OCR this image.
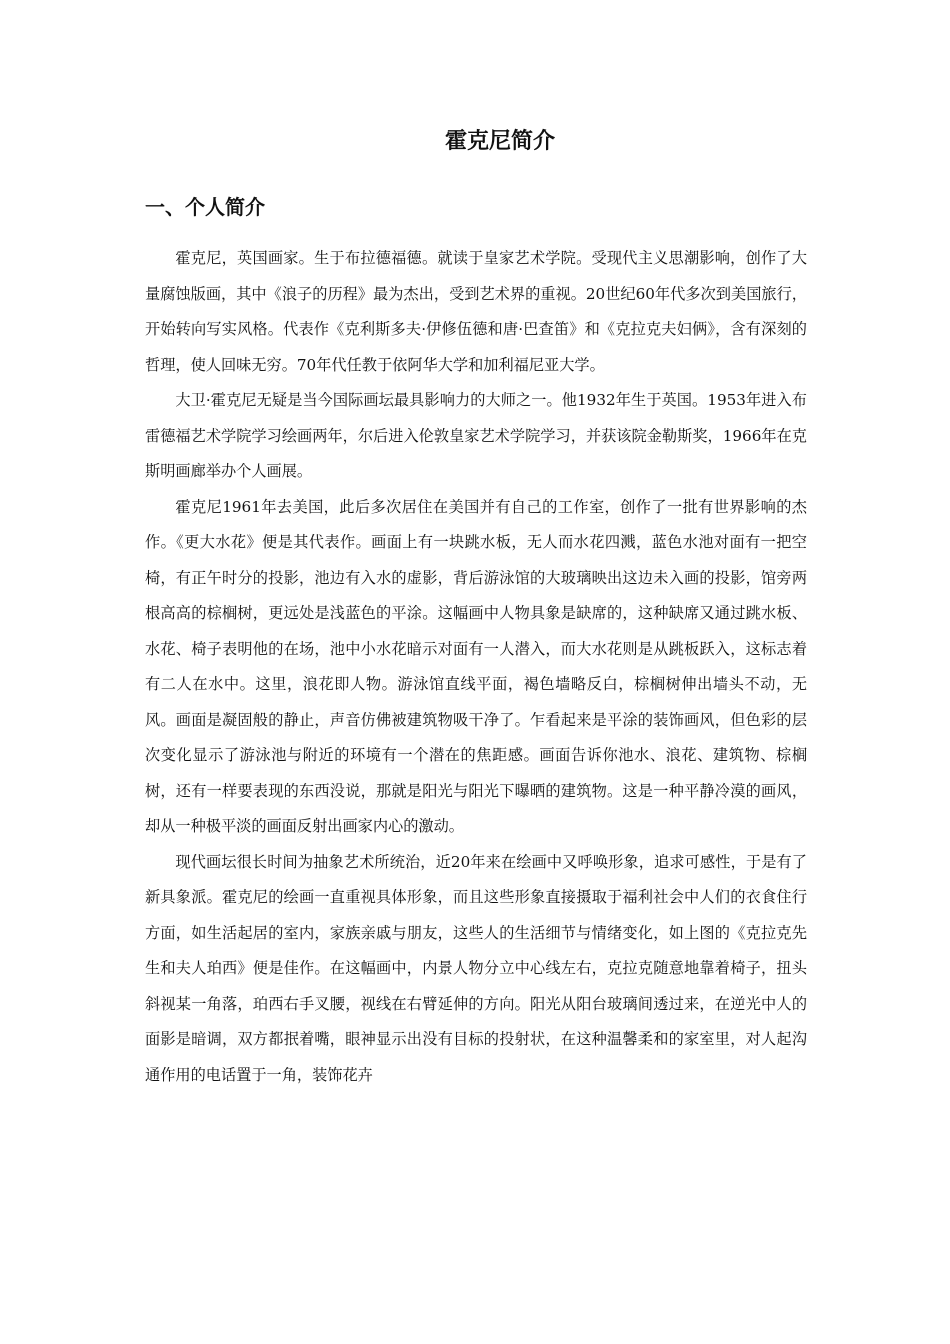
霍克尼简介
一、个人简介

霍克尼，英国画家。生于布拉德福德。就读于皇家艺术学院。受现代主义思潮影响，创作了大量腐蚀版画，其中《浪子的历程》最为杰出，受到艺术界的重视。20世纪60年代多次到美国旅行，开始转向写实风格。代表作《克利斯多夫·伊修伍德和唐·巴查笛》和《克拉克夫妇俩》，含有深刻的哲理，使人回味无穷。70年代任教于依阿华大学和加利福尼亚大学。

大卫·霍克尼无疑是当今国际画坛最具影响力的大师之一。他1932年生于英国。1953年进入布雷德福艺术学院学习绘画两年，尔后进入伦敦皇家艺术学院学习，并获该院金勒斯奖，1966年在克斯明画廊举办个人画展。

霍克尼1961年去美国，此后多次居住在美国并有自己的工作室，创作了一批有世界影响的杰作。《更大水花》便是其代表作。画面上有一块跳水板，无人而水花四溅，蓝色水池对面有一把空椅，有正午时分的投影，池边有入水的虚影，背后游泳馆的大玻璃映出这边未入画的投影，馆旁两根高高的棕榈树，更远处是浅蓝色的平涂。这幅画中人物具象是缺席的，这种缺席又通过跳水板、水花、椅子表明他的在场，池中小水花暗示对面有一人潜入，而大水花则是从跳板跃入，这标志着有二人在水中。这里，浪花即人物。游泳馆直线平面，褐色墙略反白，棕榈树伸出墙头不动，无风。画面是凝固般的静止，声音仿佛被建筑物吸干净了。乍看起来是平涂的装饰画风，但色彩的层次变化显示了游泳池与附近的环境有一个潜在的焦距感。画面告诉你池水、浪花、建筑物、棕榈树，还有一样要表现的东西没说，那就是阳光与阳光下曝晒的建筑物。这是一种平静冷漠的画风，却从一种极平淡的画面反射出画家内心的激动。

现代画坛很长时间为抽象艺术所统治，近20年来在绘画中又呼唤形象，追求可感性，于是有了新具象派。霍克尼的绘画一直重视具体形象，而且这些形象直接摄取于福利社会中人们的衣食住行方面，如生活起居的室内，家族亲戚与朋友，这些人的生活细节与情绪变化，如上图的《克拉克先生和夫人珀西》便是佳作。在这幅画中，内景人物分立中心线左右，克拉克随意地靠着椅子，扭头斜视某一角落，珀西右手叉腰，视线在右臂延伸的方向。阳光从阳台玻璃间透过来，在逆光中人的面影是暗调，双方都抿着嘴，眼神显示出没有目标的投射状，在这种温馨柔和的家室里，对人起沟通作用的电话置于一角，装饰花卉
